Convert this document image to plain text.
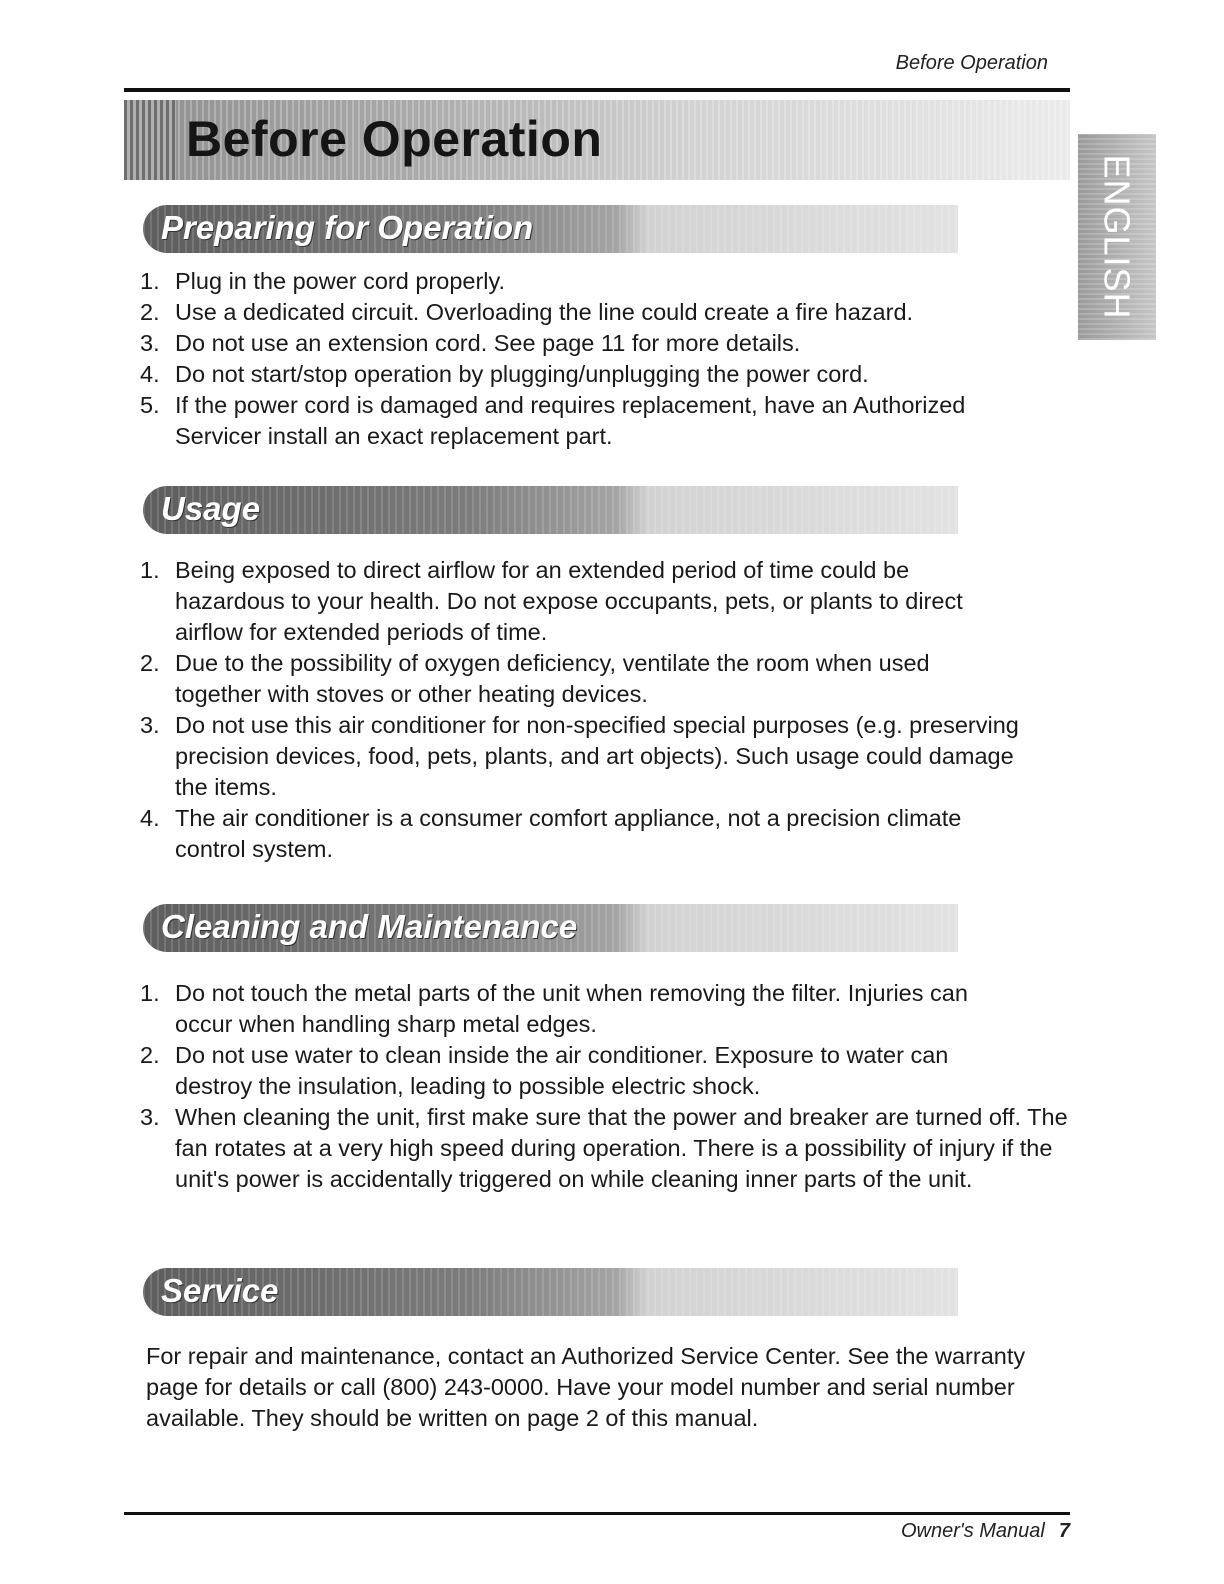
Before Operation
Before Operation
ENGLISH
Preparing for Operation
1. Plug in the power cord properly.
2. Use a dedicated circuit. Overloading the line could create a fire hazard.
3. Do not use an extension cord. See page 11 for more details.
4. Do not start/stop operation by plugging/unplugging the power cord.
5. If the power cord is damaged and requires replacement, have an Authorized Servicer install an exact replacement part.
Usage
1. Being exposed to direct airflow for an extended period of time could be hazardous to your health. Do not expose occupants, pets, or plants to direct airflow for extended periods of time.
2. Due to the possibility of oxygen deficiency, ventilate the room when used together with stoves or other heating devices.
3. Do not use this air conditioner for non-specified special purposes (e.g. preserving precision devices, food, pets, plants, and art objects). Such usage could damage the items.
4. The air conditioner is a consumer comfort appliance, not a precision climate control system.
Cleaning and Maintenance
1. Do not touch the metal parts of the unit when removing the filter. Injuries can occur when handling sharp metal edges.
2. Do not use water to clean inside the air conditioner. Exposure to water can destroy the insulation, leading to possible electric shock.
3. When cleaning the unit, first make sure that the power and breaker are turned off. The fan rotates at a very high speed during operation. There is a possibility of injury if the unit's power is accidentally triggered on while cleaning inner parts of the unit.
Service

For repair and maintenance, contact an Authorized Service Center. See the warranty page for details or call (800) 243-0000. Have your model number and serial number available. They should be written on page 2 of this manual.

Owner's Manual 7
